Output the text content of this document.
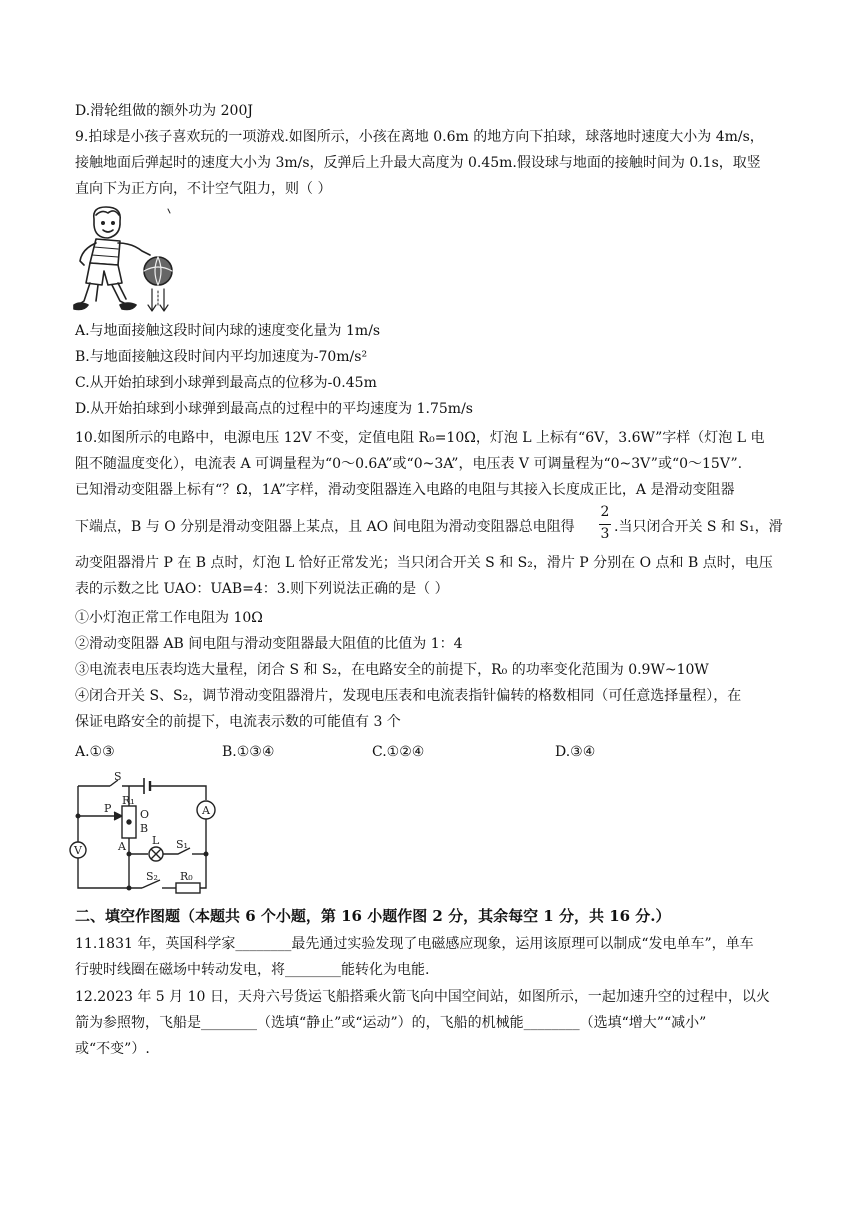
D.滑轮组做的额外功为 200J
9.拍球是小孩子喜欢玩的一项游戏.如图所示，小孩在离地 0.6m 的地方向下拍球，球落地时速度大小为 4m/s，
接触地面后弹起时的速度大小为 3m/s，反弹后上升最大高度为 0.45m.假设球与地面的接触时间为 0.1s，取竖
直向下为正方向，不计空气阻力，则（ ）
A.与地面接触这段时间内球的速度变化量为 1m/s
B.与地面接触这段时间内平均加速度为-70m/s²
C.从开始拍球到小球弹到最高点的位移为-0.45m
D.从开始拍球到小球弹到最高点的过程中的平均速度为 1.75m/s
10.如图所示的电路中，电源电压 12V 不变，定值电阻 R₀=10Ω，灯泡 L 上标有“6V，3.6W”字样（灯泡 L 电
阻不随温度变化），电流表 A 可调量程为“0～0.6A”或“0~3A”，电压表 V 可调量程为“0~3V”或“0～15V”.
已知滑动变阻器上标有“？Ω，1A”字样，滑动变阻器连入电路的电阻与其接入长度成正比，A 是滑动变阻器
下端点，B 与 O 分别是滑动变阻器上某点，且 AO 间电阻为滑动变阻器总电阻得
2
3 .当只闭合开关 S 和 S₁，滑
动变阻器滑片 P 在 B 点时，灯泡 L 恰好正常发光；当只闭合开关 S 和 S₂，滑片 P 分别在 O 点和 B 点时，电压
表的示数之比 UAO：UAB=4：3.则下列说法正确的是（ ）
①小灯泡正常工作电阻为 10Ω
②滑动变阻器 AB 间电阻与滑动变阻器最大阻值的比值为 1：4
③电流表电压表均选大量程，闭合 S 和 S₂，在电路安全的前提下，R₀ 的功率变化范围为 0.9W~10W
④闭合开关 S、S₂，调节滑动变阻器滑片，发现电压表和电流表指针偏转的格数相同（可任意选择量程），在
保证电路安全的前提下，电流表示数的可能值有 3 个
A.①③	B.①③④	C.①②④	D.③④
S
A
V
R₁
O
P
B
A L S₁
S₂ R₀
二、填空作图题（本题共 6 个小题，第 16 小题作图 2 分，其余每空 1 分，共 16 分.）
11.1831 年，英国科学家________最先通过实验发现了电磁感应现象，运用该原理可以制成“发电单车”，单车
行驶时线圈在磁场中转动发电，将________能转化为电能.
12.2023 年 5 月 10 日，天舟六号货运飞船搭乘火箭飞向中国空间站，如图所示，一起加速升空的过程中，以火
箭为参照物，飞船是________（选填“静止”或“运动”）的，飞船的机械能________（选填“增大”“减小”
或“不变”）.
